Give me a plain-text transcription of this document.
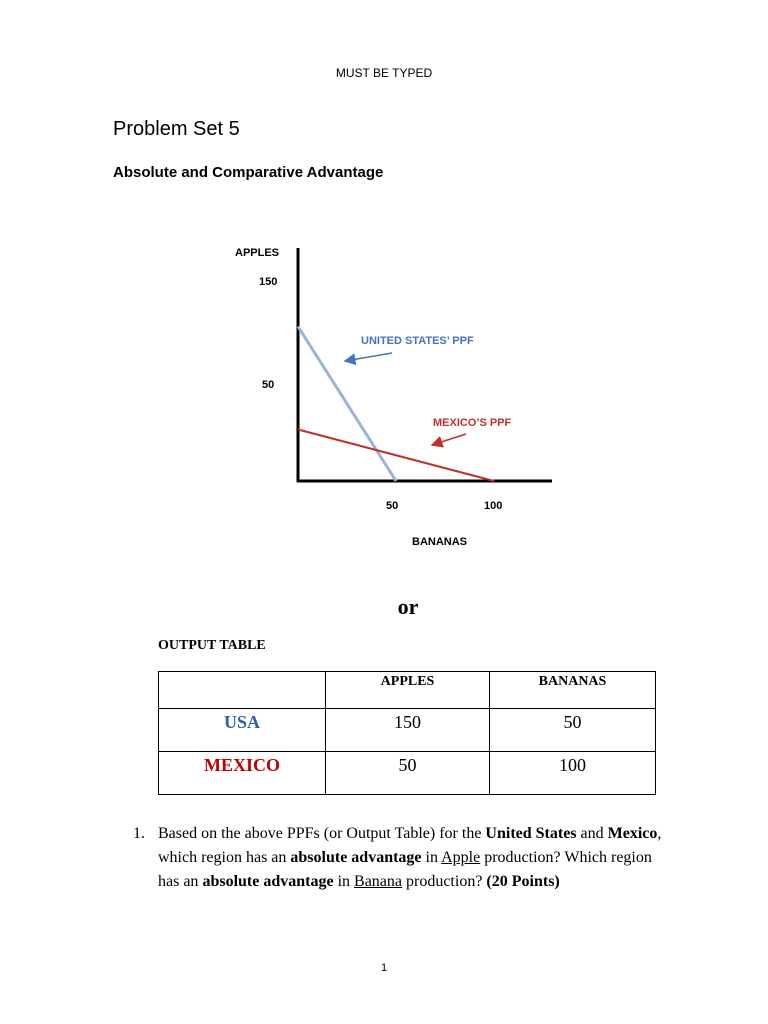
MUST BE TYPED
Problem Set 5
Absolute and Comparative Advantage
APPLES
BANANAS
150
50
50	100
UNITED STATES’ PPF
MEXICO’S PPF
or
OUTPUT TABLE
	APPLES	BANANAS
USA	150	50
MEXICO	50	100
1. Based on the above PPFs (or Output Table) for the United States and Mexico, which region has an absolute advantage in Apple production? Which region has an absolute advantage in Banana production? (20 Points)
1
